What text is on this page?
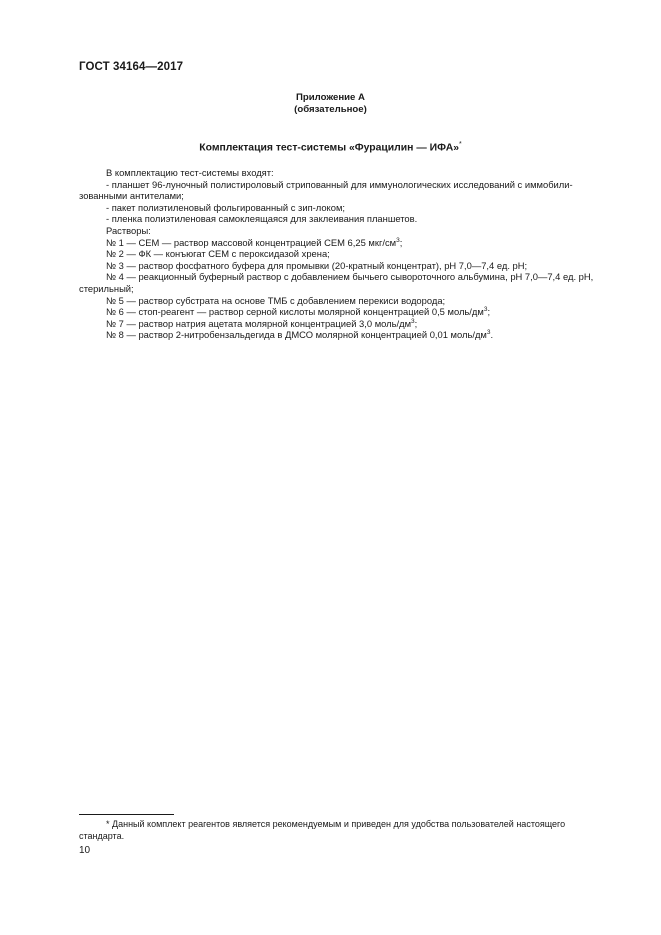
ГОСТ 34164—2017
Приложение А
(обязательное)
Комплектация тест-системы «Фурацилин — ИФА»*
В комплектацию тест-системы входят:
- планшет 96-луночный полистироловый стрипованный для иммунологических исследований с иммобили-
зованными антителами;
- пакет полиэтиленовый фольгированный с зип-локом;
- пленка полиэтиленовая самоклеящаяся для заклеивания планшетов.
Растворы:
№ 1 — СЕМ — раствор массовой концентрацией СЕМ 6,25 мкг/$см^3$;
№ 2 — ФК — конъюгат СЕМ с пероксидазой хрена;
№ 3 — раствор фосфатного буфера для промывки (20-кратный концентрат), pH 7,0—7,4 ед. pH;
№ 4 — реакционный буферный раствор с добавлением бычьего сывороточного альбумина, pH 7,0—7,4 ед. pH,
стерильный;
№ 5 — раствор субстрата на основе ТМБ с добавлением перекиси водорода;
№ 6 — стоп-реагент — раствор серной кислоты молярной концентрацией 0,5 моль/$дм^3$;
№ 7 — раствор натрия ацетата молярной концентрацией 3,0 моль/$дм^3$;
№ 8 — раствор 2-нитробензальдегида в ДМСО молярной концентрацией 0,01 моль/$дм^3$.
* Данный комплект реагентов является рекомендуемым и приведен для удобства пользователей настоящего
стандарта.
10
